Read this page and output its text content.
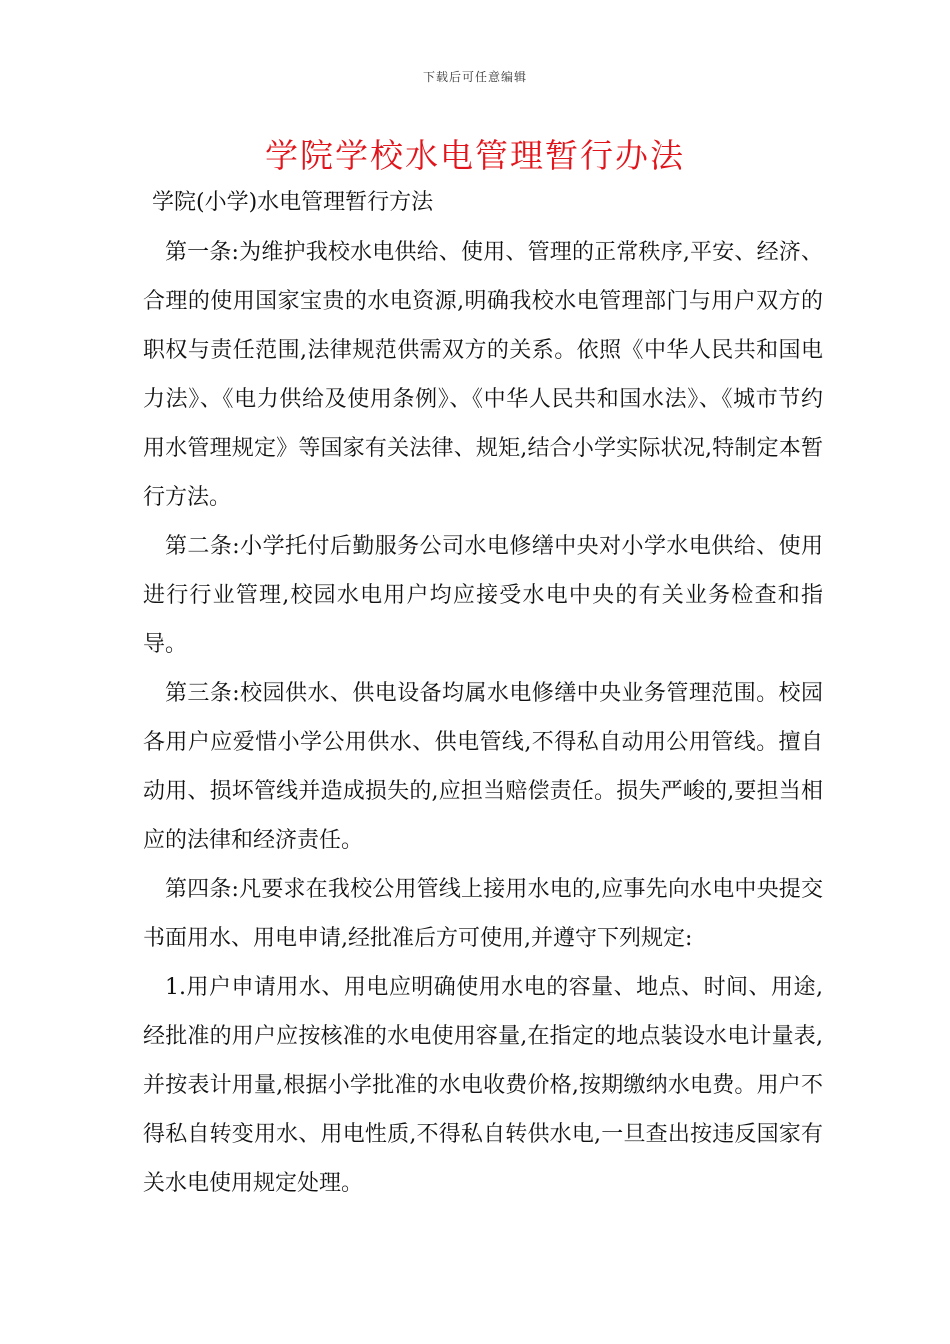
下载后可任意编辑
学院学校水电管理暂行办法
学院(小学)水电管理暂行方法

第一条:为维护我校水电供给、使用、管理的正常秩序,平安、经济、合理的使用国家宝贵的水电资源,明确我校水电管理部门与用户双方的职权与责任范围,法律规范供需双方的关系。依照《中华人民共和国电力法》、《电力供给及使用条例》、《中华人民共和国水法》、《城市节约用水管理规定》等国家有关法律、规矩,结合小学实际状况,特制定本暂行方法。

第二条:小学托付后勤服务公司水电修缮中央对小学水电供给、使用进行行业管理,校园水电用户均应接受水电中央的有关业务检查和指导。

第三条:校园供水、供电设备均属水电修缮中央业务管理范围。校园各用户应爱惜小学公用供水、供电管线,不得私自动用公用管线。擅自动用、损坏管线并造成损失的,应担当赔偿责任。损失严峻的,要担当相应的法律和经济责任。

第四条:凡要求在我校公用管线上接用水电的,应事先向水电中央提交书面用水、用电申请,经批准后方可使用,并遵守下列规定:

1.用户申请用水、用电应明确使用水电的容量、地点、时间、用途,经批准的用户应按核准的水电使用容量,在指定的地点装设水电计量表,并按表计用量,根据小学批准的水电收费价格,按期缴纳水电费。用户不得私自转变用水、用电性质,不得私自转供水电,一旦查出按违反国家有关水电使用规定处理。
